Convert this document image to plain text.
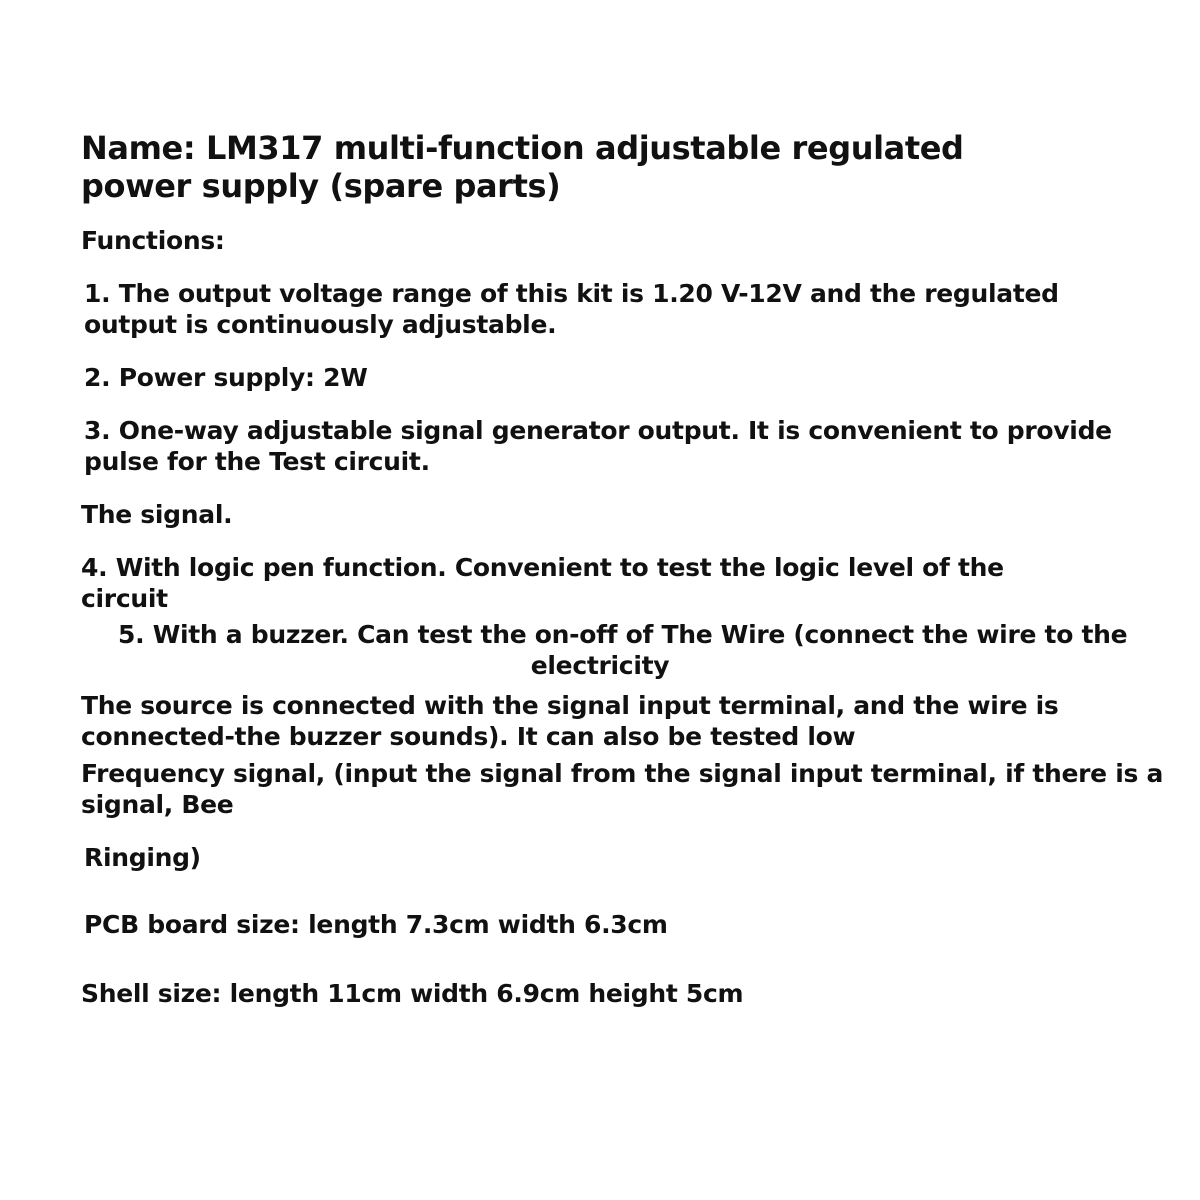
Name: LM317 multi-function adjustable regulated
power supply (spare parts)
Functions:
1. The output voltage range of this kit is 1.20 V-12V and the regulated
output is continuously adjustable.
2. Power supply: 2W
3. One-way adjustable signal generator output. It is convenient to provide
pulse for the Test circuit.
The signal.
4. With logic pen function. Convenient to test the logic level of the
circuit
5. With a buzzer. Can test the on-off of The Wire (connect the wire to the
electricity
The source is connected with the signal input terminal, and the wire is
connected-the buzzer sounds). It can also be tested low
Frequency signal, (input the signal from the signal input terminal, if there is a
signal, Bee
Ringing)
PCB board size: length 7.3cm width 6.3cm
Shell size: length 11cm width 6.9cm height 5cm
